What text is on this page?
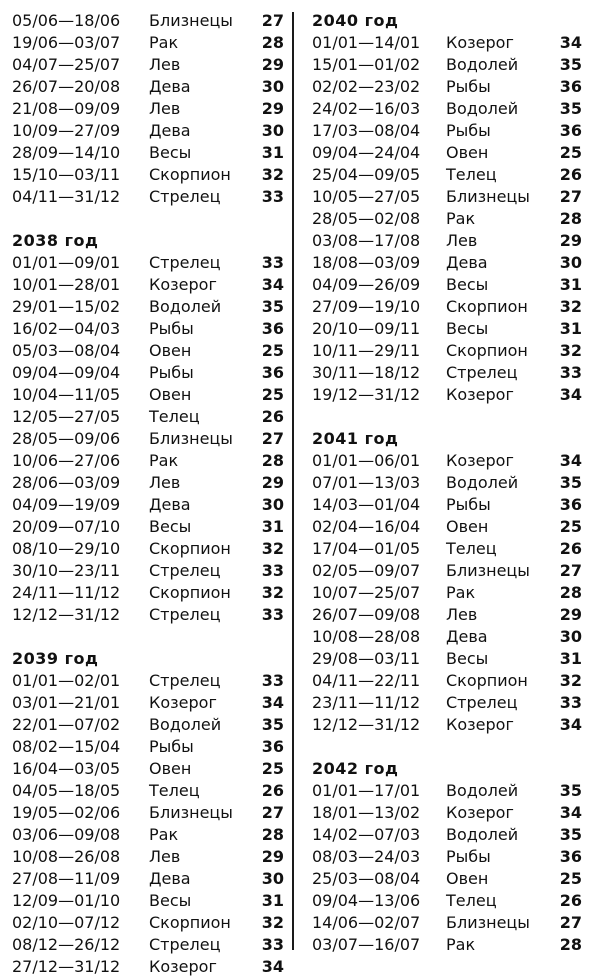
05/06—18/06 Близнецы 27
19/06—03/07 Рак	28
04/07—25/07 Лев	29
26/07—20/08 Дева	30
21/08—09/09 Лев	29
10/09—27/09 Дева	30
28/09—14/10 Весы	31
15/10—03/11 Скорпион 32
04/11—31/12 Стрелец	33
2038 год
01/01—09/01 Стрелец	33
10/01—28/01 Козерог	34
29/01—15/02 Водолей	35
16/02—04/03 Рыбы	36
05/03—08/04 Овен	25
09/04—09/04 Рыбы	36
10/04—11/05 Овен	25
12/05—27/05 Телец	26
28/05—09/06 Близнецы 27
10/06—27/06 Рак	28
28/06—03/09 Лев	29
04/09—19/09 Дева	30
20/09—07/10 Весы	31
08/10—29/10 Скорпион 32
30/10—23/11 Стрелец	33
24/11—11/12 Скорпион 32
12/12—31/12 Стрелец	33
2039 год
01/01—02/01 Стрелец	33
03/01—21/01 Козерог	34
22/01—07/02 Водолей	35
08/02—15/04 Рыбы	36
16/04—03/05 Овен	25
04/05—18/05 Телец	26
19/05—02/06 Близнецы 27
03/06—09/08 Рак	28
10/08—26/08 Лев	29
27/08—11/09 Дева	30
12/09—01/10 Весы	31
02/10—07/12 Скорпион 32
08/12—26/12 Стрелец	33
27/12—31/12 Козерог	34
2040 год
01/01—14/01 Козерог	34
15/01—01/02 Водолей	35
02/02—23/02 Рыбы	36
24/02—16/03 Водолей	35
17/03—08/04 Рыбы	36
09/04—24/04 Овен	25
25/04—09/05 Телец	26
10/05—27/05 Близнецы 27
28/05—02/08 Рак	28
03/08—17/08 Лев	29
18/08—03/09 Дева	30
04/09—26/09 Весы	31
27/09—19/10 Скорпион 32
20/10—09/11 Весы	31
10/11—29/11 Скорпион 32
30/11—18/12 Стрелец	33
19/12—31/12 Козерог	34
2041 год
01/01—06/01 Козерог	34
07/01—13/03 Водолей	35
14/03—01/04 Рыбы	36
02/04—16/04 Овен	25
17/04—01/05 Телец	26
02/05—09/07 Близнецы 27
10/07—25/07 Рак	28
26/07—09/08 Лев	29
10/08—28/08 Дева	30
29/08—03/11 Весы	31
04/11—22/11 Скорпион 32
23/11—11/12 Стрелец	33
12/12—31/12 Козерог	34
2042 год
01/01—17/01 Водолей	35
18/01—13/02 Козерог	34
14/02—07/03 Водолей	35
08/03—24/03 Рыбы	36
25/03—08/04 Овен	25
09/04—13/06 Телец	26
14/06—02/07 Близнецы 27
03/07—16/07 Рак	28
